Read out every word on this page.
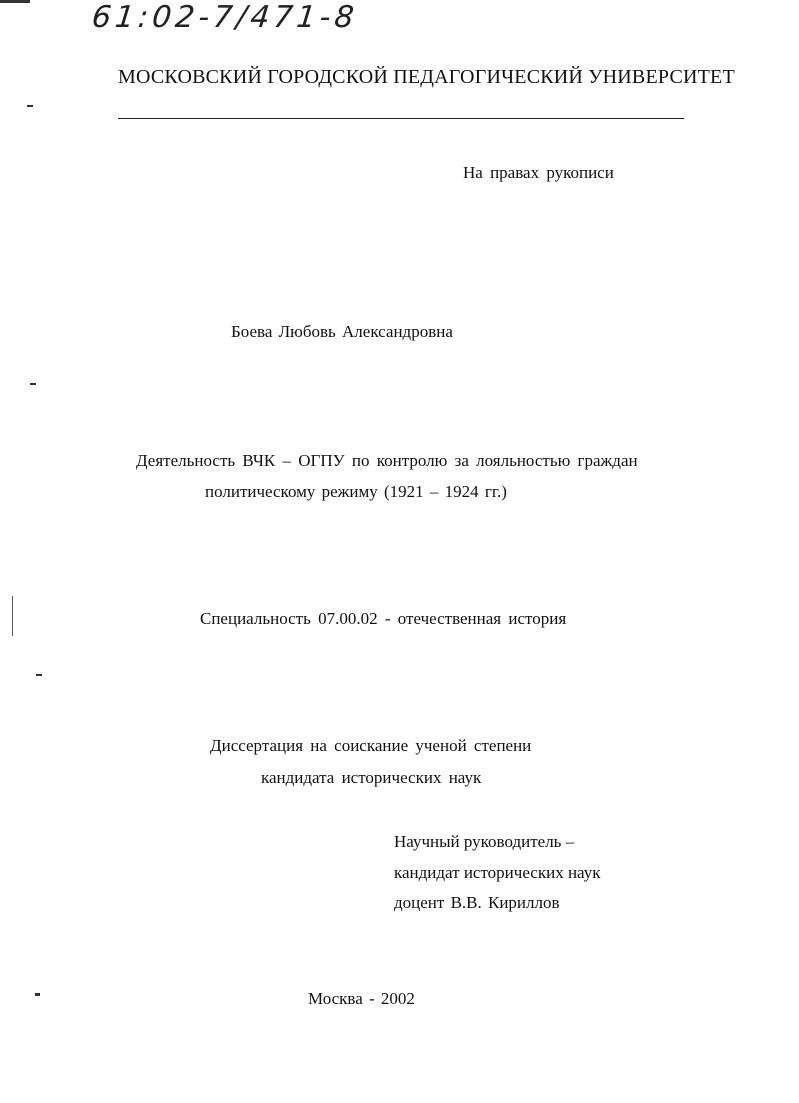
61:02-7/471-8
МОСКОВСКИЙ ГОРОДСКОЙ ПЕДАГОГИЧЕСКИЙ УНИВЕРСИТЕТ
На правах рукописи
Боева Любовь Александровна
Деятельность ВЧК – ОГПУ по контролю за лояльностью граждан
политическому режиму (1921 – 1924 гг.)
Специальность 07.00.02 - отечественная история
Диссертация на соискание ученой степени
кандидата исторических наук
Научный руководитель –
кандидат исторических наук
доцент В.В. Кириллов
Москва - 2002
